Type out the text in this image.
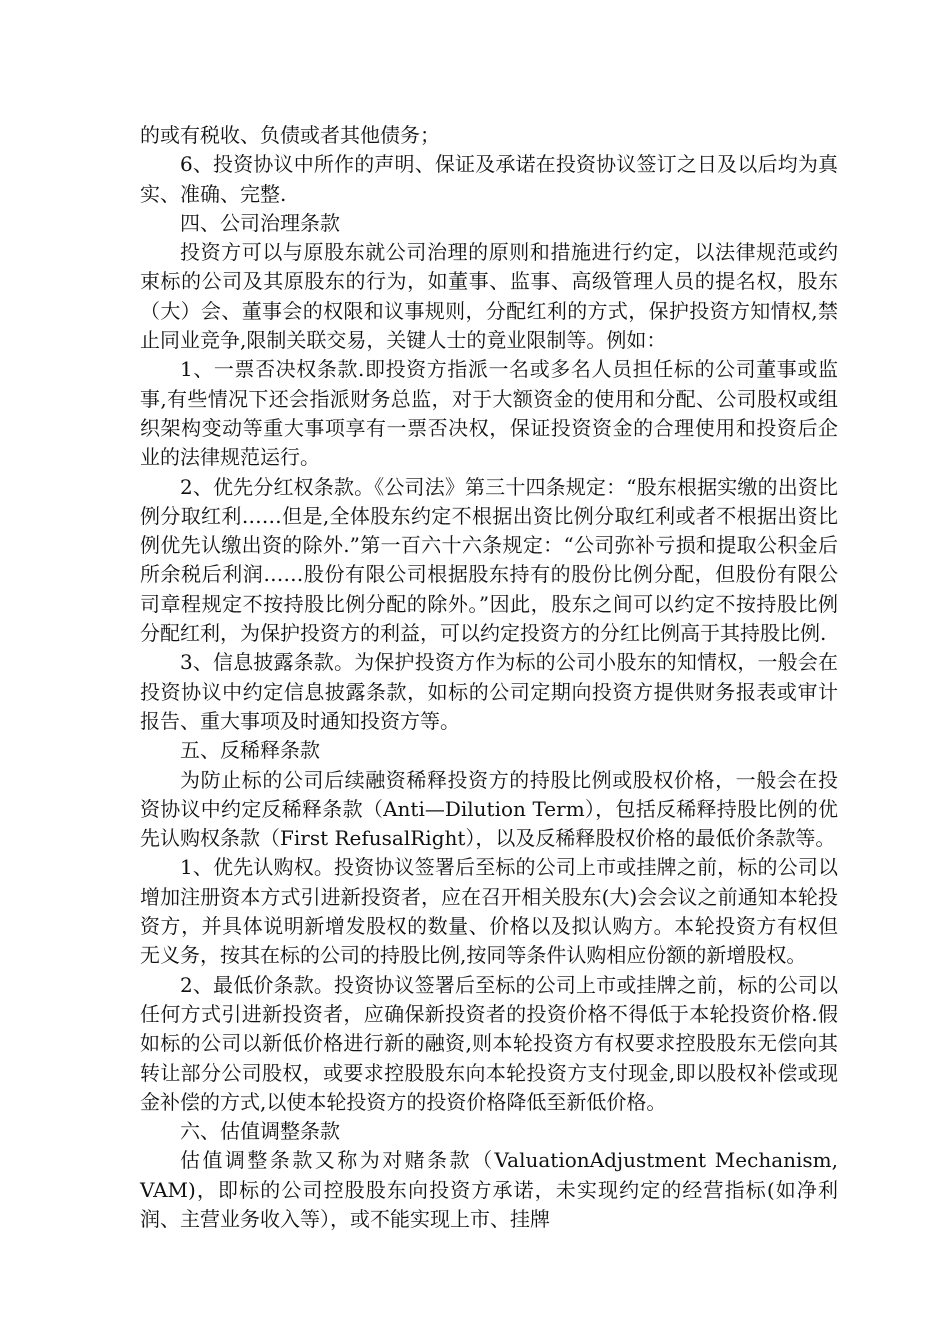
的或有税收、负债或者其他债务；

6、投资协议中所作的声明、保证及承诺在投资协议签订之日及以后均为真实、准确、完整.

四、公司治理条款

投资方可以与原股东就公司治理的原则和措施进行约定，以法律规范或约束标的公司及其原股东的行为，如董事、监事、高级管理人员的提名权，股东（大）会、董事会的权限和议事规则，分配红利的方式，保护投资方知情权,禁止同业竞争,限制关联交易，关键人士的竟业限制等。例如：

1、一票否决权条款.即投资方指派一名或多名人员担任标的公司董事或监事,有些情况下还会指派财务总监，对于大额资金的使用和分配、公司股权或组织架构变动等重大事项享有一票否决权，保证投资资金的合理使用和投资后企业的法律规范运行。

2、优先分红权条款。《公司法》第三十四条规定：“股东根据实缴的出资比例分取红利……但是,全体股东约定不根据出资比例分取红利或者不根据出资比例优先认缴出资的除外.”第一百六十六条规定：“公司弥补亏损和提取公积金后所余税后利润……股份有限公司根据股东持有的股份比例分配，但股份有限公司章程规定不按持股比例分配的除外。”因此，股东之间可以约定不按持股比例分配红利，为保护投资方的利益，可以约定投资方的分红比例高于其持股比例.

3、信息披露条款。为保护投资方作为标的公司小股东的知情权，一般会在投资协议中约定信息披露条款，如标的公司定期向投资方提供财务报表或审计报告、重大事项及时通知投资方等。

五、反稀释条款

为防止标的公司后续融资稀释投资方的持股比例或股权价格，一般会在投资协议中约定反稀释条款（Anti—Dilution Term），包括反稀释持股比例的优先认购权条款（First RefusalRight），以及反稀释股权价格的最低价条款等。

1、优先认购权。投资协议签署后至标的公司上市或挂牌之前，标的公司以增加注册资本方式引进新投资者，应在召开相关股东(大)会会议之前通知本轮投资方，并具体说明新增发股权的数量、价格以及拟认购方。本轮投资方有权但无义务，按其在标的公司的持股比例,按同等条件认购相应份额的新增股权。

2、最低价条款。投资协议签署后至标的公司上市或挂牌之前，标的公司以任何方式引进新投资者，应确保新投资者的投资价格不得低于本轮投资价格.假如标的公司以新低价格进行新的融资,则本轮投资方有权要求控股股东无偿向其转让部分公司股权，或要求控股股东向本轮投资方支付现金,即以股权补偿或现金补偿的方式,以使本轮投资方的投资价格降低至新低价格。

六、估值调整条款

估值调整条款又称为对赌条款（ValuationAdjustment Mechanism, VAM)，即标的公司控股股东向投资方承诺，未实现约定的经营指标(如净利润、主营业务收入等），或不能实现上市、挂牌
